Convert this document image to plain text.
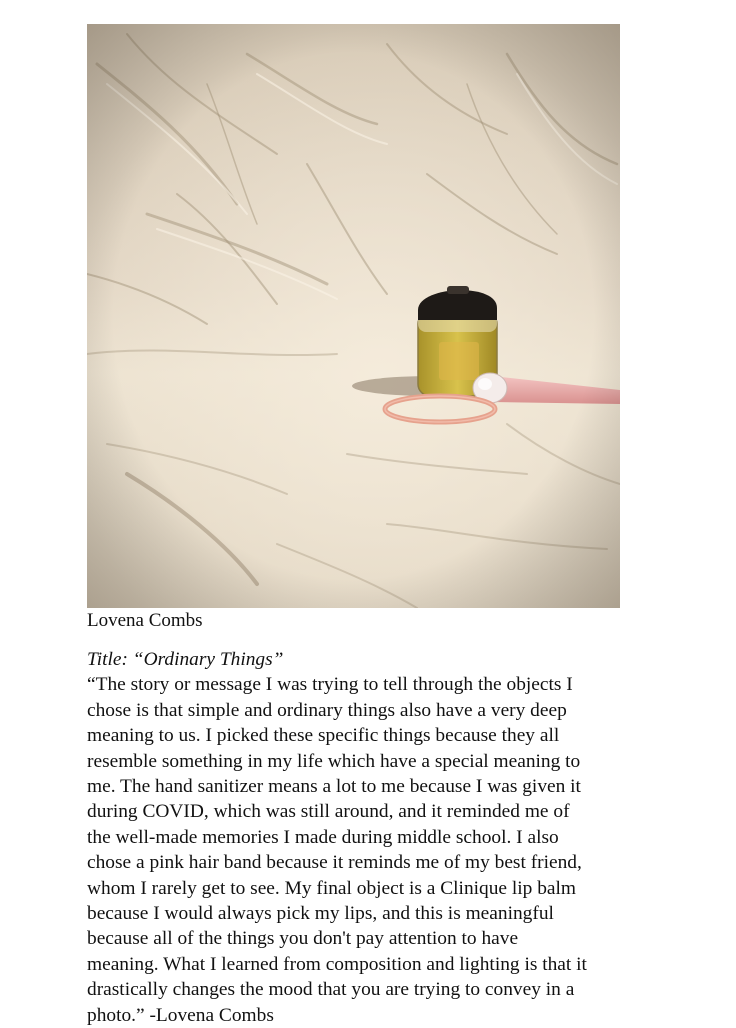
Lovena Combs

Title: “Ordinary Things”
“The story or message I was trying to tell through the objects I
chose is that simple and ordinary things also have a very deep
meaning to us. I picked these specific things because they all
resemble something in my life which have a special meaning to
me. The hand sanitizer means a lot to me because I was given it
during COVID, which was still around, and it reminded me of
the well-made memories I made during middle school. I also
chose a pink hair band because it reminds me of my best friend,
whom I rarely get to see. My final object is a Clinique lip balm
because I would always pick my lips, and this is meaningful
because all of the things you don't pay attention to have
meaning. What I learned from composition and lighting is that it
drastically changes the mood that you are trying to convey in a
photo.” -Lovena Combs
